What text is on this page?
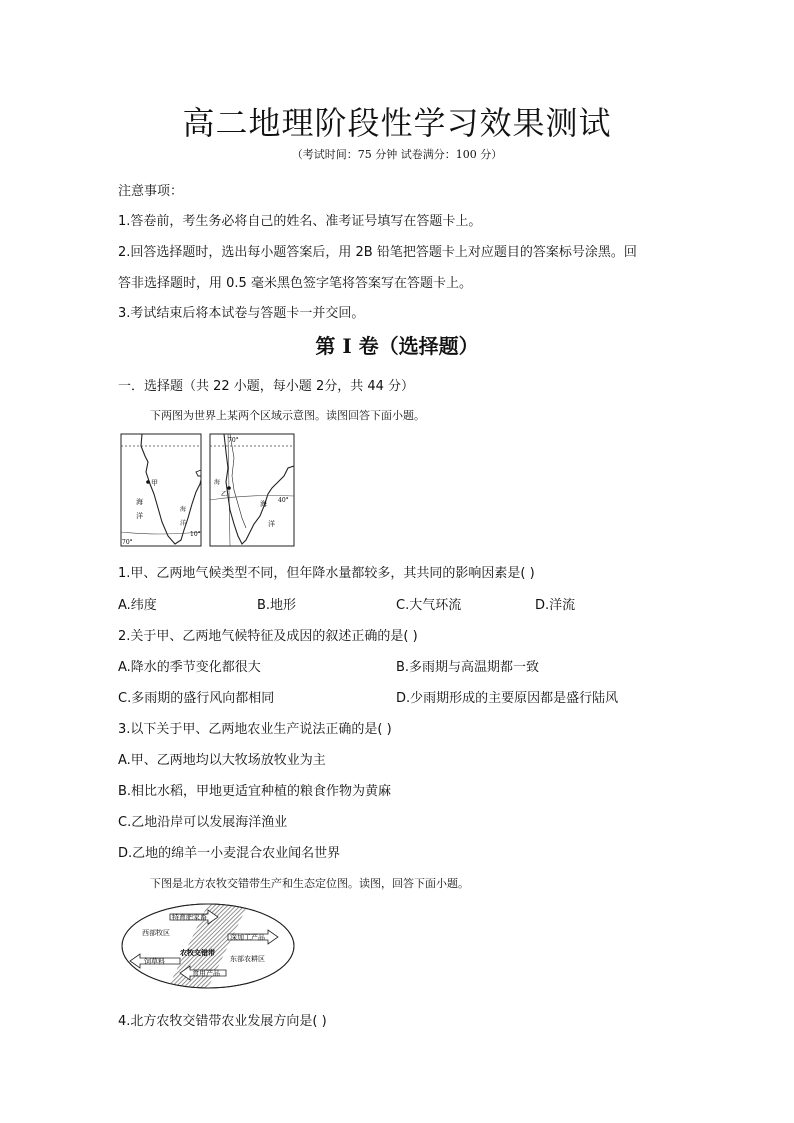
高二地理阶段性学习效果测试
（考试时间：75 分钟 试卷满分：100 分）
注意事项：
1.答卷前，考生务必将自己的姓名、准考证号填写在答题卡上。
2.回答选择题时，选出每小题答案后，用 2B 铅笔把答题卡上对应题目的答案标号涂黑。回
答非选择题时，用 0.5 毫米黑色签字笔将答案写在答题卡上。
3.考试结束后将本试卷与答题卡一并交回。
第 I 卷（选择题）
一．选择题（共 22 小题，每小题 2分，共 44 分）
下两图为世界上某两个区域示意图。读图回答下面小题。
甲
海
洋
10°
70°
海
洋
海
乙
海
洋
40°
70°
1.甲、乙两地气候类型不同，但年降水量都较多，其共同的影响因素是( )
A.纬度	B.地形	C.大气环流	D.洋流
2.关于甲、乙两地气候特征及成因的叙述正确的是( )
A.降水的季节变化都很大	B.多雨期与高温期都一致
C.多雨期的盛行风向都相同	D.少雨期形成的主要原因都是盛行陆风
3.以下关于甲、乙两地农业生产说法正确的是( )
A.甲、乙两地均以大牧场放牧业为主
B.相比水稻，甲地更适宜种植的粮食作物为黄麻
C.乙地沿岸可以发展海洋渔业
D.乙地的绵羊一小麦混合农业闻名世界
下图是北方农牧交错带生产和生态定位图。读图，回答下面小题。
特育肥家畜
深加工产品
饲草料
食用产品
西部牧区
农牧交错带
东部农耕区
4.北方农牧交错带农业发展方向是( )
